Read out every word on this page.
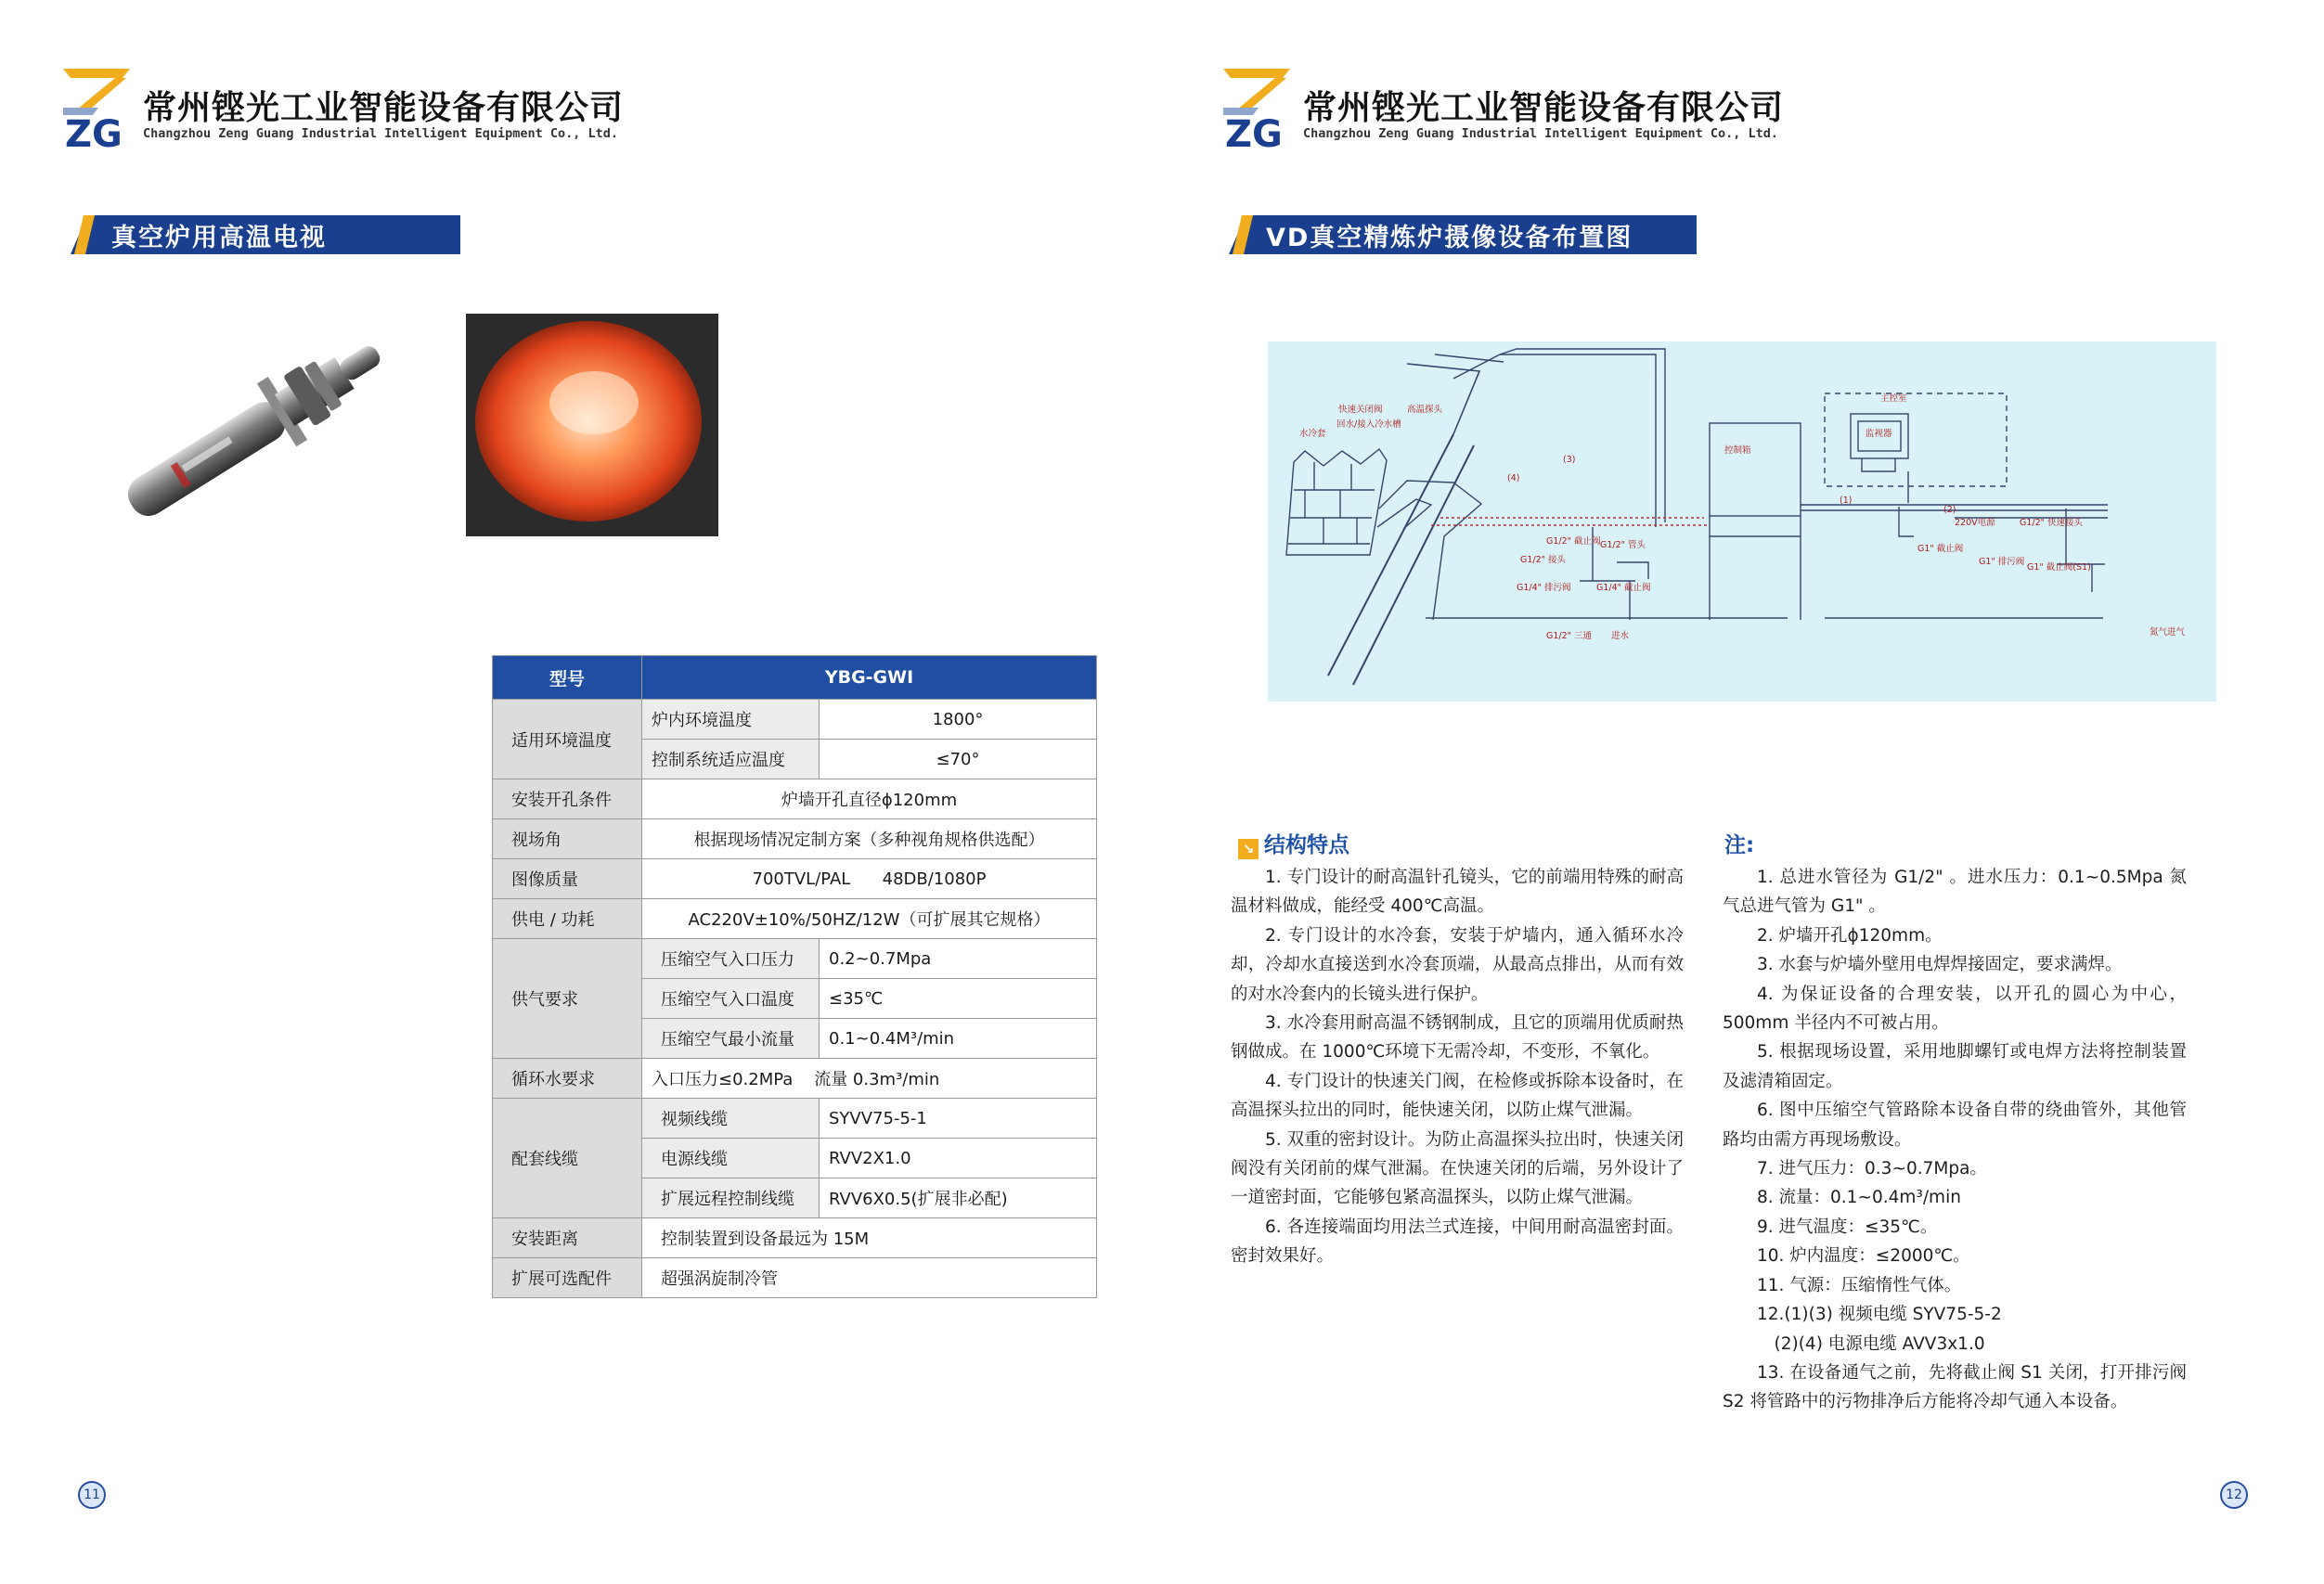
ZG
常州铿光工业智能设备有限公司
Changzhou Zeng Guang Industrial Intelligent Equipment Co., Ltd.
真空炉用高温电视
型号	YBG-GWI	
适用环境温度	炉内环境温度	1800°
	控制系统适应温度	≤70°
安装开孔条件	炉墙开孔直径ϕ120mm	
视场角	根据现场情况定制方案（多种视角规格供选配）	
图像质量	700TVL/PAL      48DB/1080P	
供电 / 功耗	AC220V±10%/50HZ/12W（可扩展其它规格）	
供气要求	压缩空气入口压力	0.2~0.7Mpa
	压缩空气入口温度	≤35℃
	压缩空气最小流量	0.1~0.4M³/min
循环水要求	入口压力≤0.2MPa    流量 0.3m³/min	
配套线缆	视频线缆	SYVV75-5-1
	电源线缆	RVV2X1.0
	扩展远程控制线缆	RVV6X0.5(扩展非必配)
安装距离	控制装置到设备最远为 15M	
扩展可选配件	超强涡旋制冷管	
11
ZG
常州铿光工业智能设备有限公司
Changzhou Zeng Guang Industrial Intelligent Equipment Co., Ltd.
VD真空精炼炉摄像设备布置图
水冷套
回水/接入冷水槽
快速关闭阀	高温探头
(4)
(3)
控制箱
主控室
监视器
(1)
(2)
220V电源	G1/2" 快速接头
G1" 截止阀
G1" 排污阀
G1" 截止阀(S1)
G1/2" 截止阀 G1/2" 管头
G1/2" 接头
G1/4" 排污阀	G1/4" 截止阀
G1/2" 三通 进水	氮气进气
↘ 结构特点

1. 专门设计的耐高温针孔镜头，它的前端用特殊的耐高温材料做成，能经受 400℃高温。

2. 专门设计的水冷套，安装于炉墙内，通入循环水冷却，冷却水直接送到水冷套顶端，从最高点排出，从而有效的对水冷套内的长镜头进行保护。

3. 水冷套用耐高温不锈钢制成，且它的顶端用优质耐热钢做成。在 1000℃环境下无需冷却，不变形，不氧化。

4. 专门设计的快速关门阀，在检修或拆除本设备时，在高温探头拉出的同时，能快速关闭，以防止煤气泄漏。

5. 双重的密封设计。为防止高温探头拉出时，快速关闭阀没有关闭前的煤气泄漏。在快速关闭的后端，另外设计了一道密封面，它能够包紧高温探头，以防止煤气泄漏。

6. 各连接端面均用法兰式连接，中间用耐高温密封面。密封效果好。

注:

1. 总进水管径为 G1/2" 。进水压力：0.1~0.5Mpa 氮气总进气管为 G1" 。

2. 炉墙开孔ϕ120mm。

3. 水套与炉墙外壁用电焊焊接固定，要求满焊。

4. 为保证设备的合理安装，以开孔的圆心为中心，500mm 半径内不可被占用。

5. 根据现场设置，采用地脚螺钉或电焊方法将控制装置及滤清箱固定。

6. 图中压缩空气管路除本设备自带的绕曲管外，其他管路均由需方再现场敷设。

7. 进气压力：0.3~0.7Mpa。

8. 流量：0.1~0.4m³/min

9. 进气温度：≤35℃。

10. 炉内温度：≤2000℃。

11. 气源：压缩惰性气体。

12.(1)(3) 视频电缆 SYV75-5-2

(2)(4) 电源电缆 AVV3x1.0

13. 在设备通气之前，先将截止阀 S1 关闭，打开排污阀 S2 将管路中的污物排净后方能将冷却气通入本设备。

12
